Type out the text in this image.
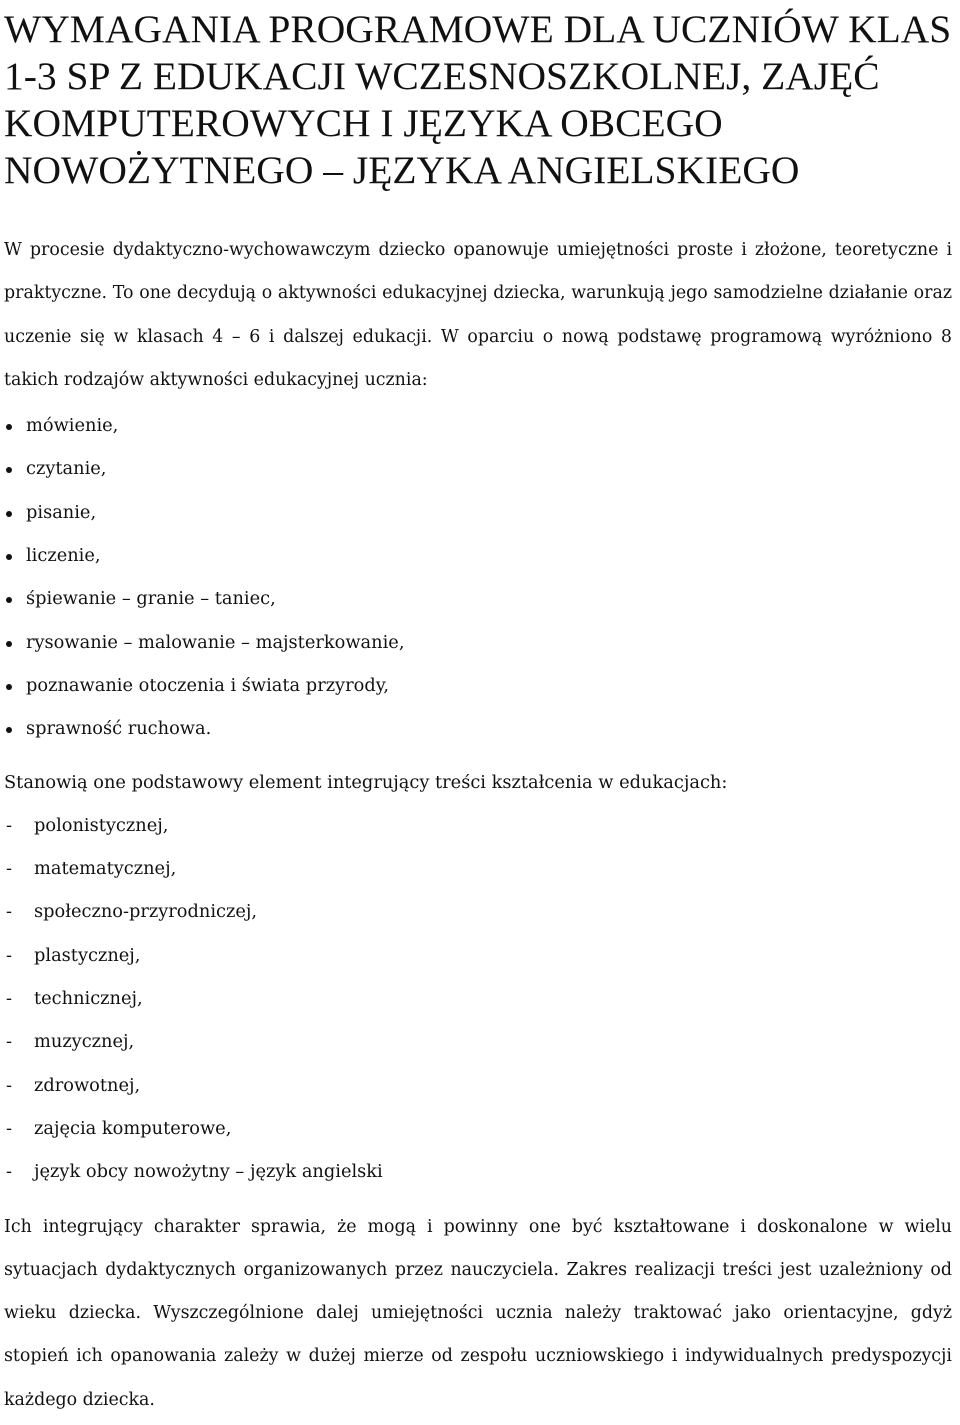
WYMAGANIA PROGRAMOWE DLA UCZNIÓW KLAS 1-3 SP Z EDUKACJI WCZESNOSZKOLNEJ, ZAJĘĆ KOMPUTEROWYCH I JĘZYKA OBCEGO NOWOŻYTNEGO – JĘZYKA ANGIELSKIEGO

W procesie dydaktyczno-wychowawczym dziecko opanowuje umiejętności proste i złożone, teoretyczne i praktyczne. To one decydują o aktywności edukacyjnej dziecka, warunkują jego samodzielne działanie oraz uczenie się w klasach 4 – 6 i dalszej edukacji. W oparciu o nową podstawę programową wyróżniono 8 takich rodzajów aktywności edukacyjnej ucznia:

mówienie,
czytanie,
pisanie,
liczenie,
śpiewanie – granie – taniec,
rysowanie – malowanie – majsterkowanie,
poznawanie otoczenia i świata przyrody,
sprawność ruchowa.

Stanowią one podstawowy element integrujący treści kształcenia w edukacjach:

- polonistycznej,
- matematycznej,
- społeczno-przyrodniczej,
- plastycznej,
- technicznej,
- muzycznej,
- zdrowotnej,
- zajęcia komputerowe,
- język obcy nowożytny – język angielski

Ich integrujący charakter sprawia, że mogą i powinny one być kształtowane i doskonalone w wielu sytuacjach dydaktycznych organizowanych przez nauczyciela. Zakres realizacji treści jest uzależniony od wieku dziecka. Wyszczególnione dalej umiejętności ucznia należy traktować jako orientacyjne, gdyż stopień ich opanowania zależy w dużej mierze od zespołu uczniowskiego i indywidualnych predyspozycji każdego dziecka.
